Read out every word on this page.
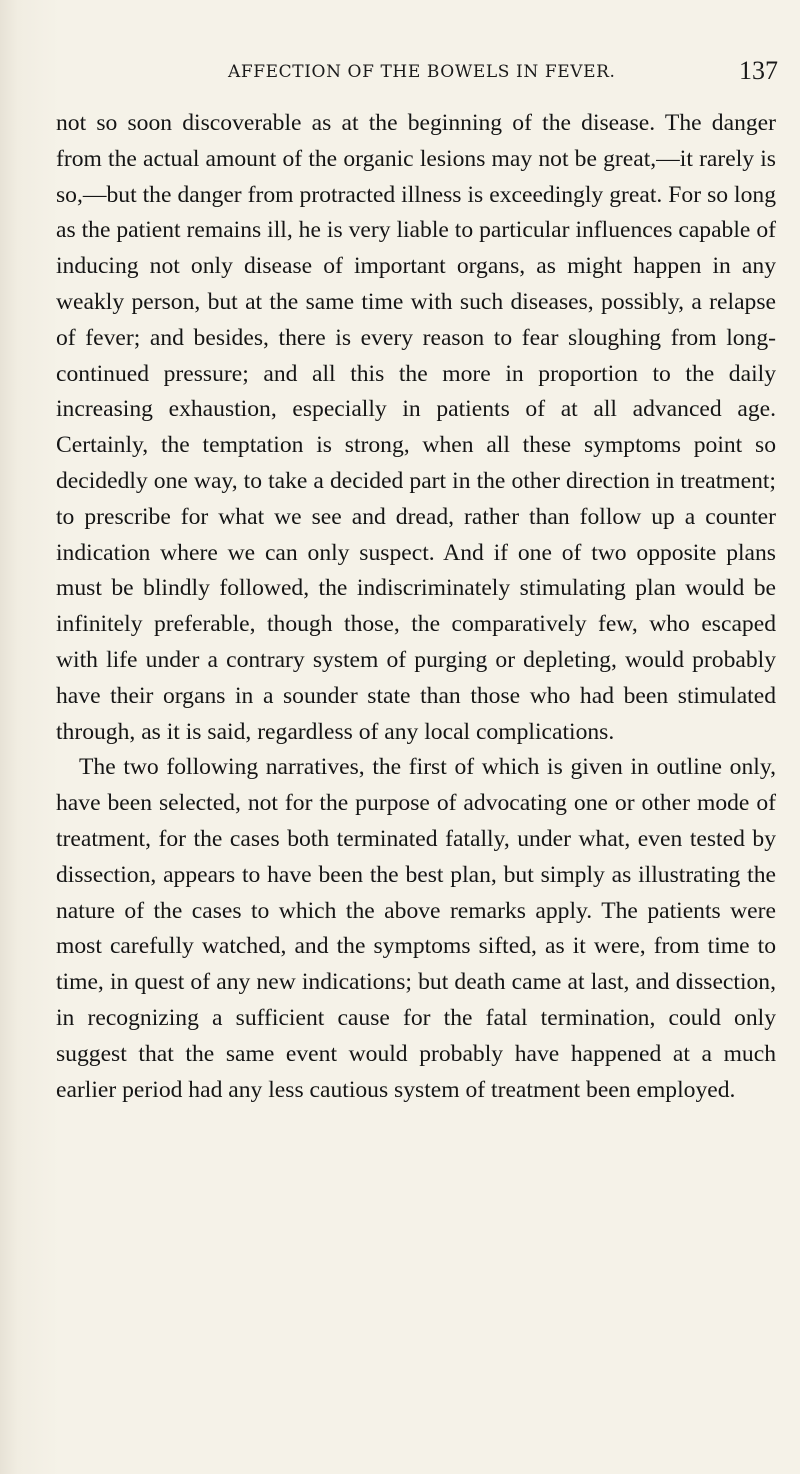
AFFECTION OF THE BOWELS IN FEVER.	137

not so soon discoverable as at the beginning of the disease. The danger from the actual amount of the organic lesions may not be great,—it rarely is so,—but the danger from protracted illness is exceedingly great. For so long as the patient remains ill, he is very liable to particular influences capable of inducing not only disease of important organs, as might happen in any weakly person, but at the same time with such diseases, possibly, a relapse of fever; and besides, there is every reason to fear sloughing from long-continued pressure; and all this the more in proportion to the daily increasing exhaustion, especially in patients of at all advanced age. Certainly, the temptation is strong, when all these symptoms point so decidedly one way, to take a decided part in the other direction in treatment; to prescribe for what we see and dread, rather than follow up a counter indication where we can only suspect. And if one of two opposite plans must be blindly followed, the indiscriminately stimulating plan would be infinitely preferable, though those, the comparatively few, who escaped with life under a contrary system of purging or depleting, would probably have their organs in a sounder state than those who had been stimulated through, as it is said, regardless of any local complications.

The two following narratives, the first of which is given in outline only, have been selected, not for the purpose of advocating one or other mode of treatment, for the cases both terminated fatally, under what, even tested by dissection, appears to have been the best plan, but simply as illustrating the nature of the cases to which the above remarks apply. The patients were most carefully watched, and the symptoms sifted, as it were, from time to time, in quest of any new indications; but death came at last, and dissection, in recognizing a sufficient cause for the fatal termination, could only suggest that the same event would probably have happened at a much earlier period had any less cautious system of treatment been employed.
